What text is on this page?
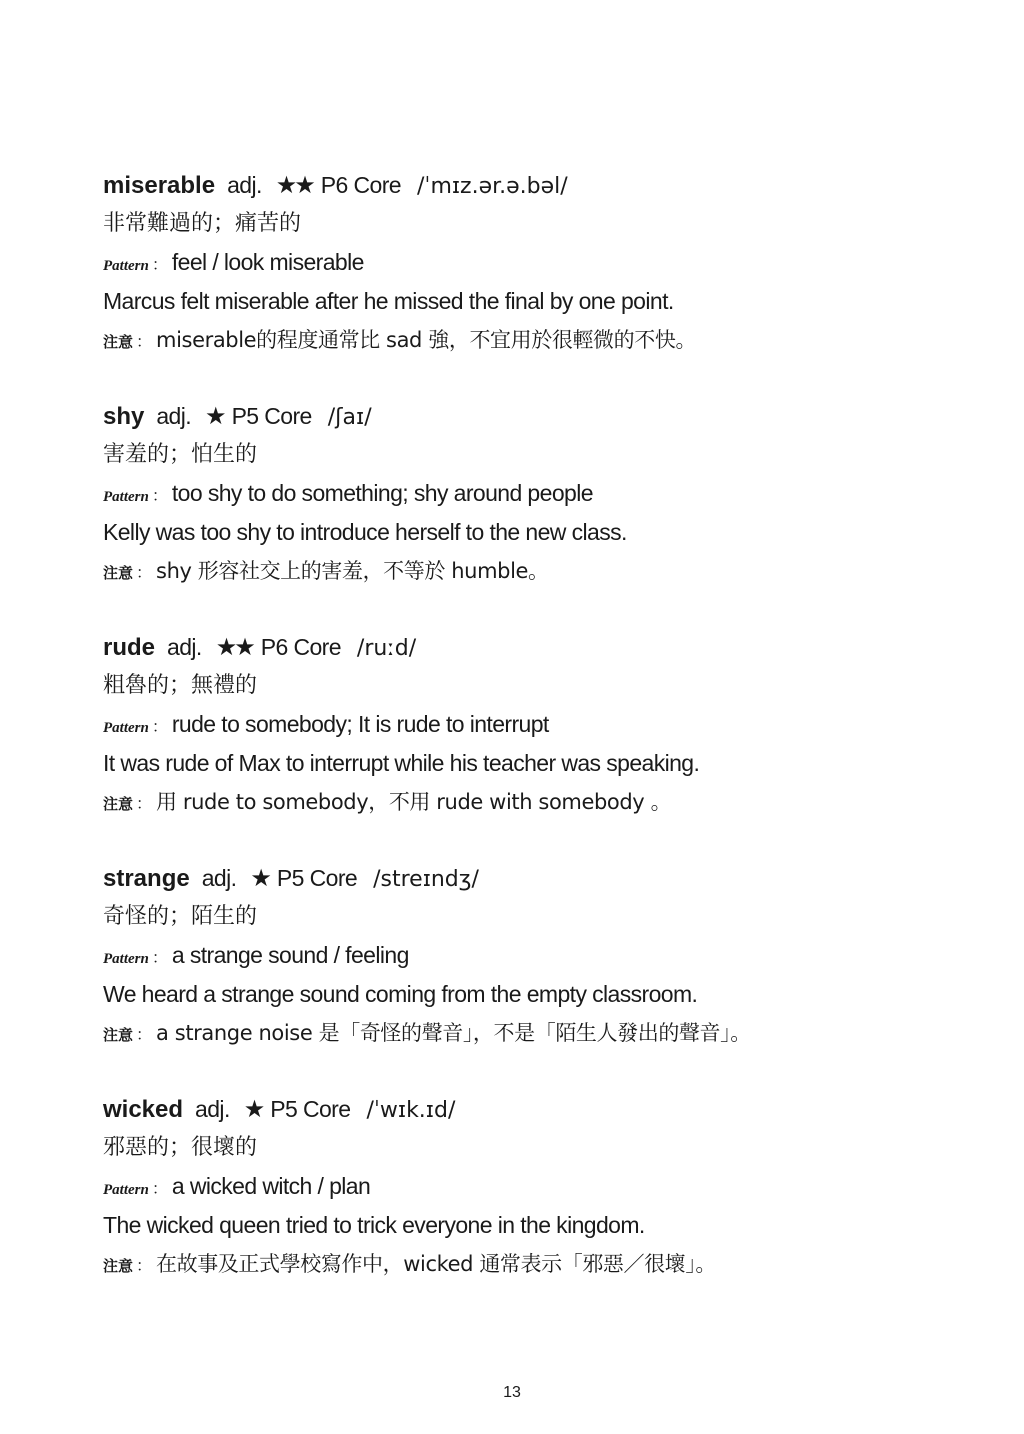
miserable adj. ★★ P6 Core /ˈmɪz.ər.ə.bəl/
非常難過的；痛苦的
Pattern ： feel / look miserable
Marcus felt miserable after he missed the final by one point.
注意 ： miserable的程度通常比 sad 強，不宜用於很輕微的不快。
shy adj. ★ P5 Core /ʃaɪ/
害羞的；怕生的
Pattern ： too shy to do something; shy around people
Kelly was too shy to introduce herself to the new class.
注意 ： shy 形容社交上的害羞，不等於 humble。
rude adj. ★★ P6 Core /ruːd/
粗魯的；無禮的
Pattern ： rude to somebody; It is rude to interrupt
It was rude of Max to interrupt while his teacher was speaking.
注意 ： 用 rude to somebody，不用 rude with somebody 。
strange adj. ★ P5 Core /streɪndʒ/
奇怪的；陌生的
Pattern ： a strange sound / feeling
We heard a strange sound coming from the empty classroom.
注意 ： a strange noise 是「奇怪的聲音」，不是「陌生人發出的聲音」。
wicked adj. ★ P5 Core /ˈwɪk.ɪd/
邪惡的；很壞的
Pattern ： a wicked witch / plan
The wicked queen tried to trick everyone in the kingdom.
注意 ： 在故事及正式學校寫作中，wicked 通常表示「邪惡／很壞」。
13
